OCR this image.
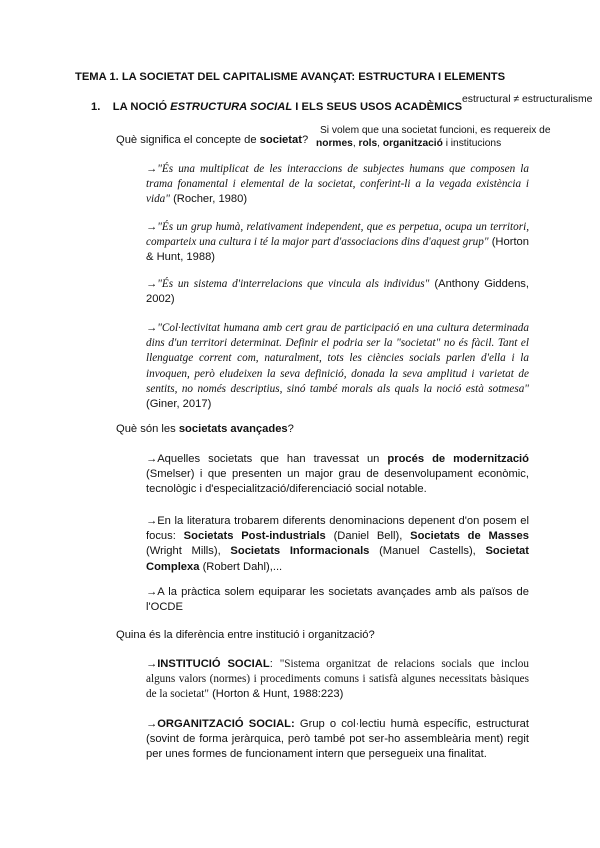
TEMA 1. LA SOCIETAT DEL CAPITALISME AVANÇAT: ESTRUCTURA I ELEMENTS
1. LA NOCIÓ ESTRUCTURA SOCIAL I ELS SEUS USOS ACADÈMICS
estructural ≠ estructuralisme
Què significa el concepte de societat?
Si volem que una societat funcioni, es requereix de
normes, rols, organització i institucions
→"És una multiplicat de les interaccions de subjectes humans que composen la trama fonamental i elemental de la societat, conferint-li a la vegada existència i vida" (Rocher, 1980)
→"És un grup humà, relativament independent, que es perpetua, ocupa un territori, comparteix una cultura i té la major part d'associacions dins d'aquest grup" (Horton & Hunt, 1988)
→"És un sistema d'interrelacions que vincula als individus" (Anthony Giddens, 2002)
→"Col·lectivitat humana amb cert grau de participació en una cultura determinada dins d'un territori determinat. Definir el podria ser la "societat" no és fàcil. Tant el llenguatge corrent com, naturalment, tots les ciències socials parlen d'ella i la invoquen, però eludeixen la seva definició, donada la seva amplitud i varietat de sentits, no només descriptius, sinó també morals als quals la noció està sotmesa" (Giner, 2017)
Què són les societats avançades?
→Aquelles societats que han travessat un procés de modernització (Smelser) i que presenten un major grau de desenvolupament econòmic, tecnològic i d'especialització/diferenciació social notable.
→En la literatura trobarem diferents denominacions depenent d'on posem el focus: Societats Post-industrials (Daniel Bell), Societats de Masses (Wright Mills), Societats Informacionals (Manuel Castells), Societat Complexa (Robert Dahl),...
→A la pràctica solem equiparar les societats avançades amb als països de l'OCDE
Quina és la diferència entre institució i organització?
→INSTITUCIÓ SOCIAL: "Sistema organitzat de relacions socials que inclou alguns valors (normes) i procediments comuns i satisfà algunes necessitats bàsiques de la societat" (Horton & Hunt, 1988:223)
→ORGANITZACIÓ SOCIAL: Grup o col·lectiu humà específic, estructurat (sovint de forma jeràrquica, però també pot ser-ho assembleària ment) regit per unes formes de funcionament intern que persegueix una finalitat.
